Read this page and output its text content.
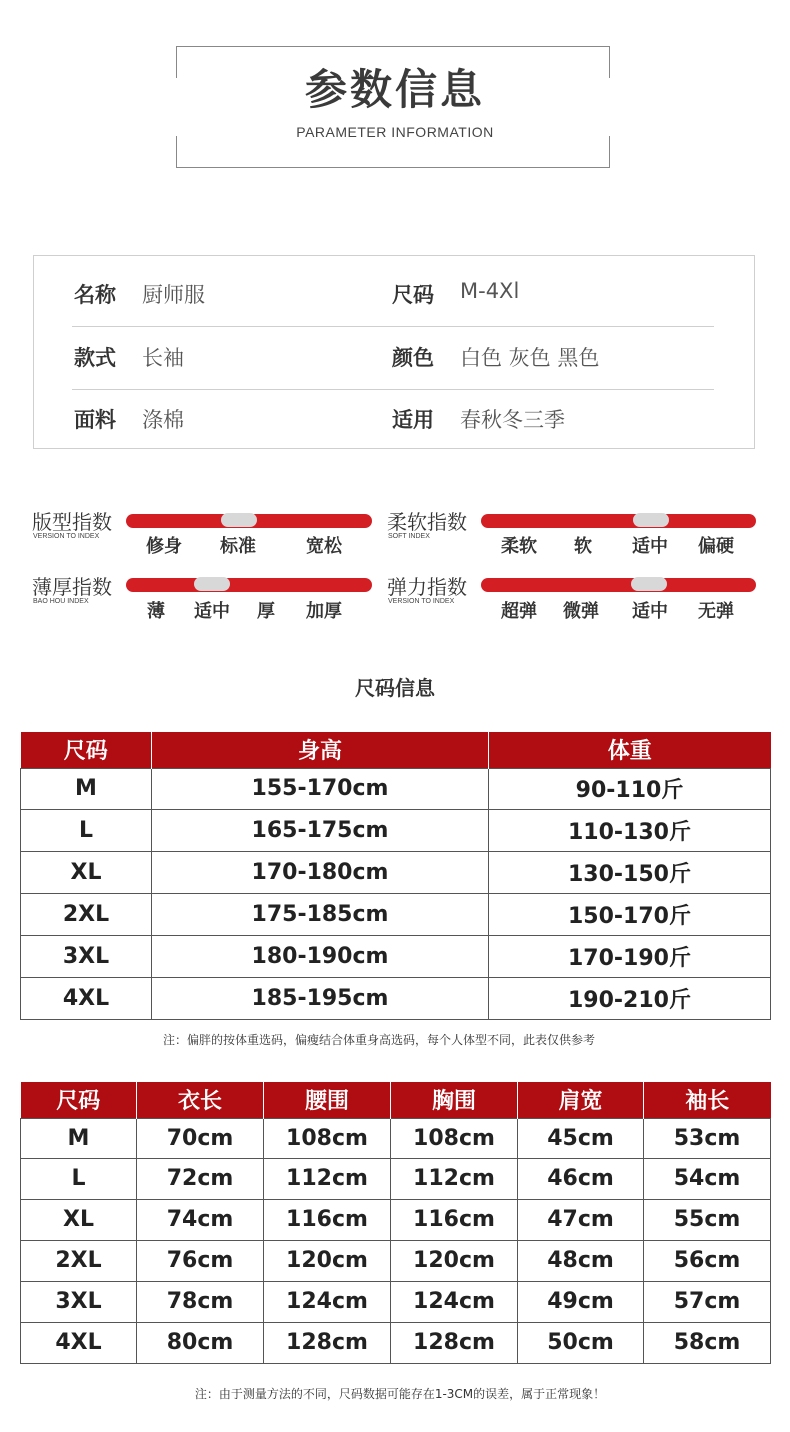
参数信息
PARAMETER INFORMATION
名称 厨师服	尺码 M-4Xl
款式 长袖	颜色 白色 灰色 黑色
面料 涤棉	适用 春秋冬三季
版型指数
VERSION TO INDEX	修身 标准	宽松
柔软指数
SOFT INDEX	柔软 软 适中 偏硬
薄厚指数
BAO HOU INDEX	薄 适中 厚 加厚
弹力指数
VERSION TO INDEX	超弹 微弹 适中 无弹
尺码信息
尺码	身高	体重
M	155-170cm	90-110斤
L	165-175cm	110-130斤
XL	170-180cm	130-150斤
2XL	175-185cm	150-170斤
3XL	180-190cm	170-190斤
4XL	185-195cm	190-210斤
注：偏胖的按体重选码，偏瘦结合体重身高选码，每个人体型不同，此表仅供参考
尺码	衣长	腰围	胸围	肩宽	袖长
M	70cm	108cm	108cm	45cm	53cm
L	72cm	112cm	112cm	46cm	54cm
XL	74cm	116cm	116cm	47cm	55cm
2XL	76cm	120cm	120cm	48cm	56cm
3XL	78cm	124cm	124cm	49cm	57cm
4XL	80cm	128cm	128cm	50cm	58cm
注：由于测量方法的不同，尺码数据可能存在1-3CM的误差，属于正常现象！
